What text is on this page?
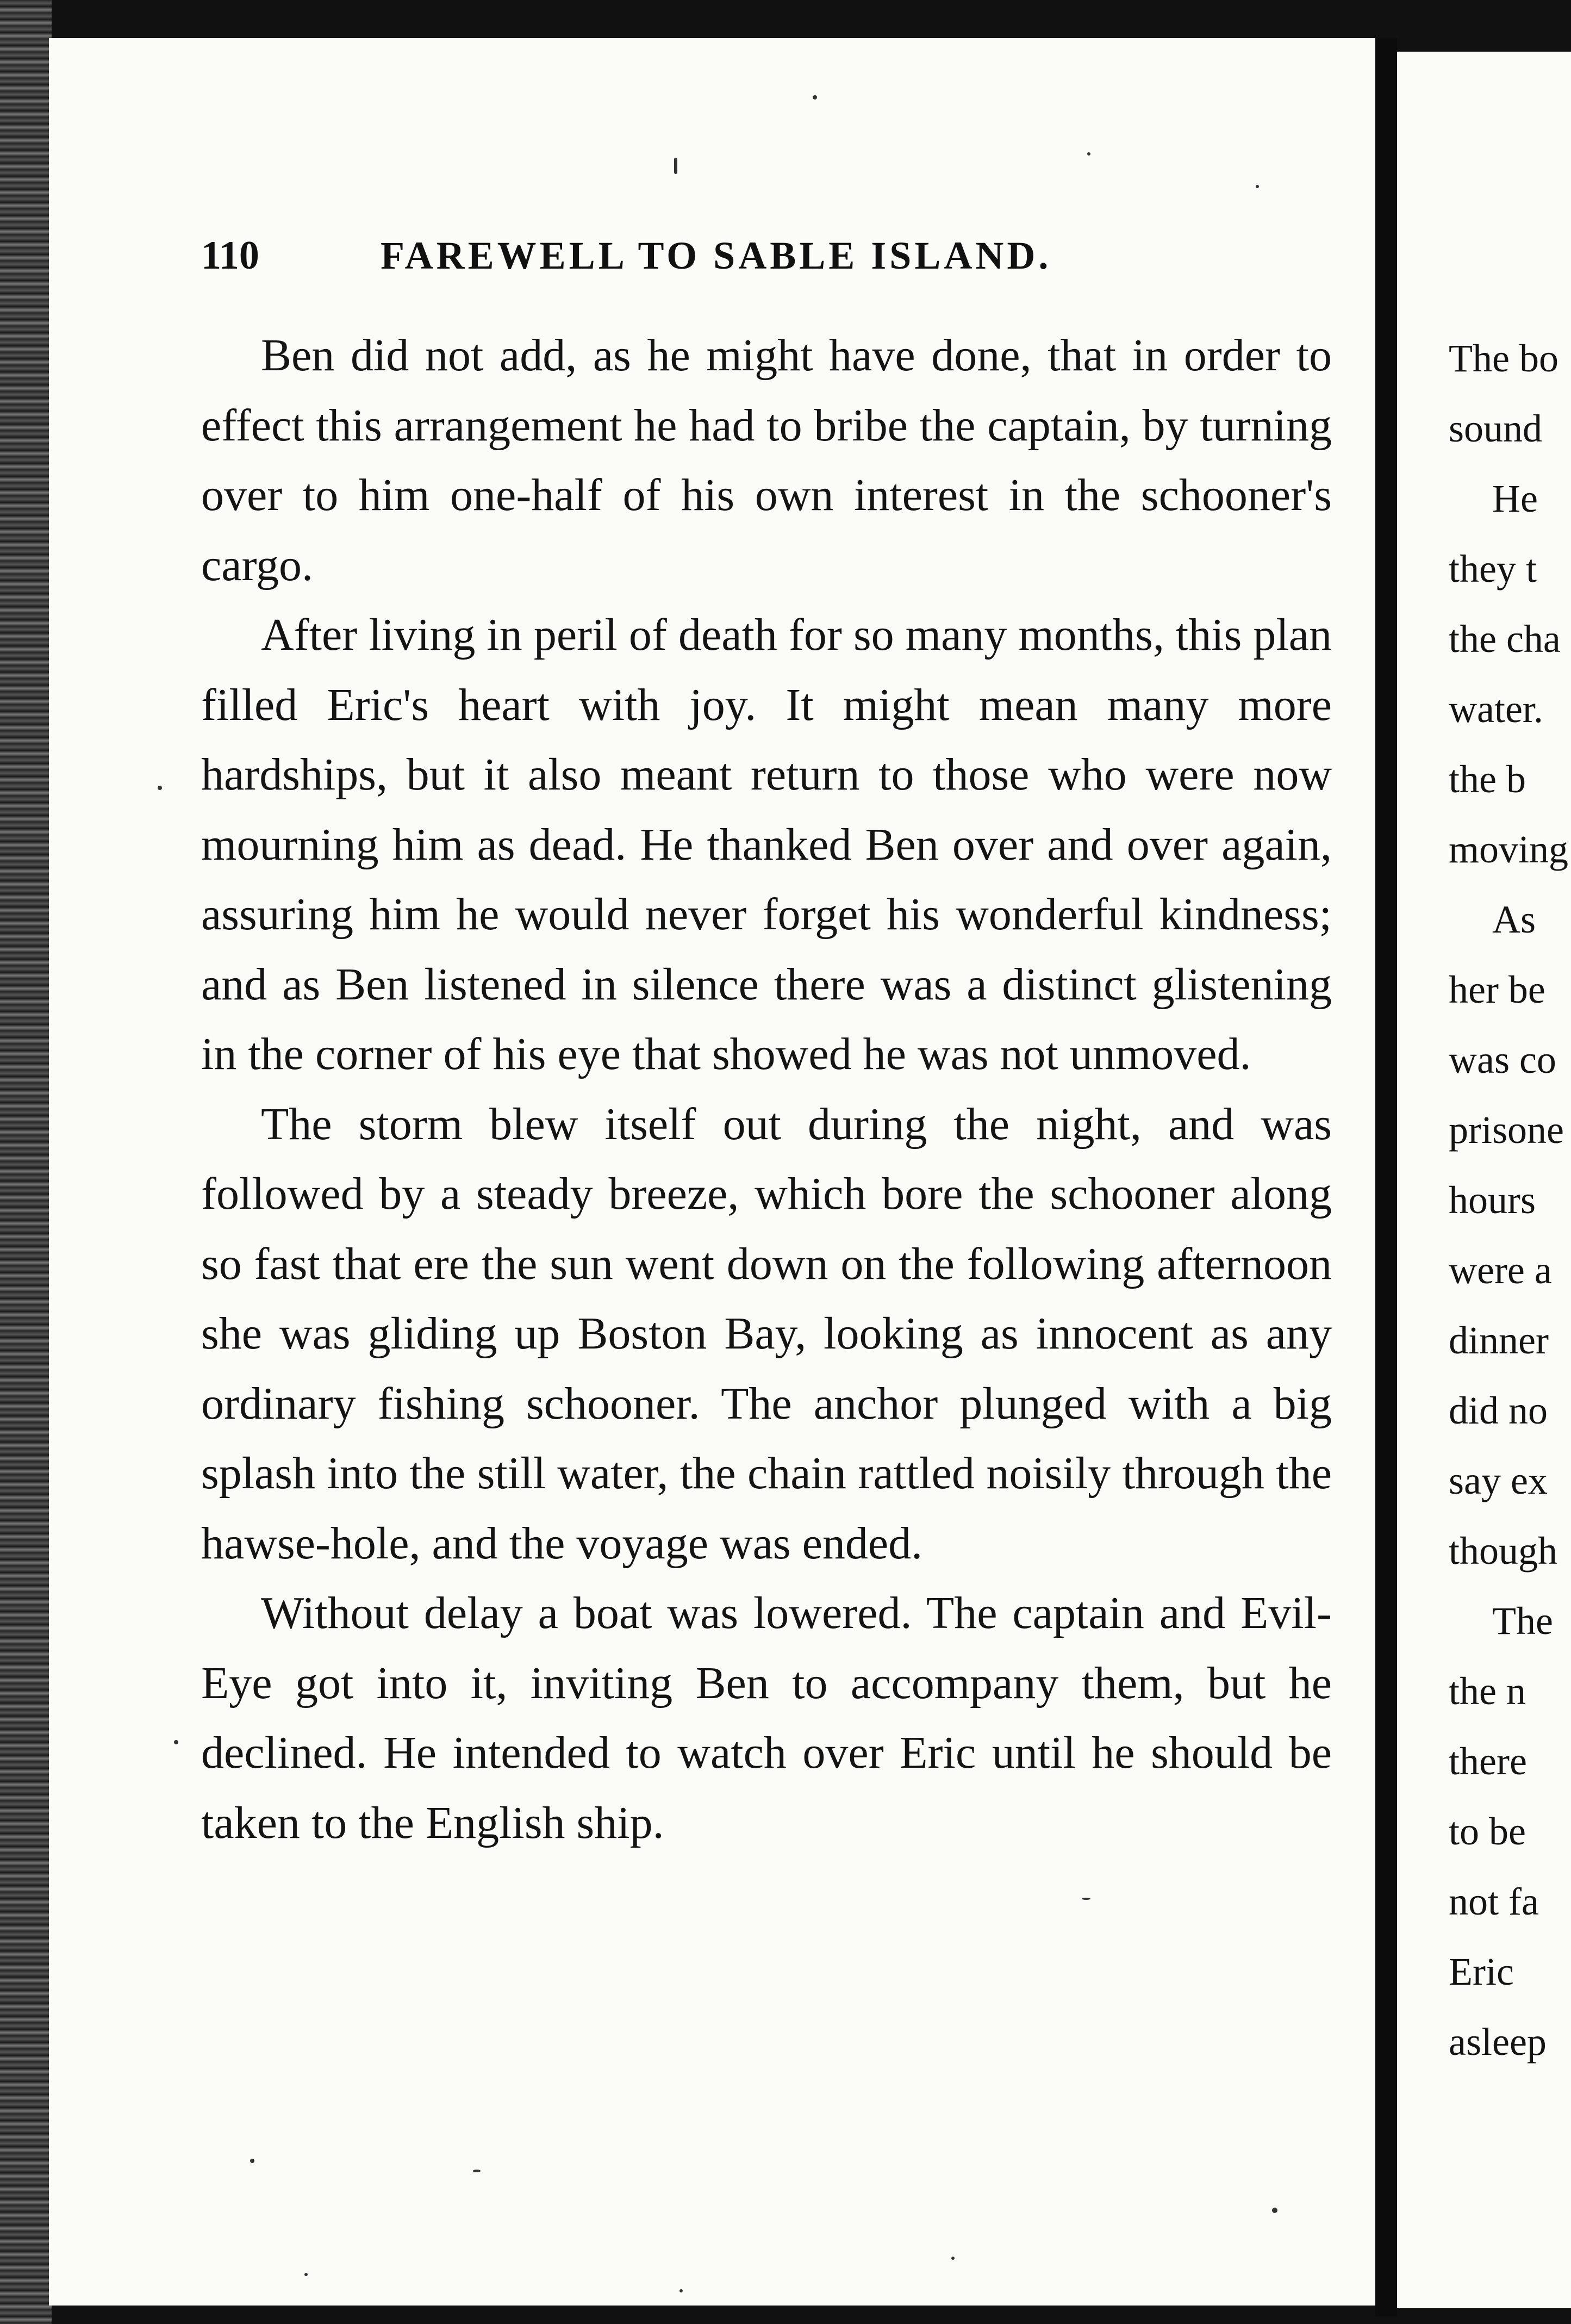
110	FAREWELL TO SABLE ISLAND.

Ben did not add, as he might have done, that in order to effect this arrangement he had to bribe the captain, by turning over to him one-half of his own interest in the schooner's cargo.

After living in peril of death for so many months, this plan filled Eric's heart with joy. It might mean many more hardships, but it also meant return to those who were now mourning him as dead. He thanked Ben over and over again, assuring him he would never forget his wonderful kindness; and as Ben listened in silence there was a distinct glistening in the corner of his eye that showed he was not unmoved.

The storm blew itself out during the night, and was followed by a steady breeze, which bore the schooner along so fast that ere the sun went down on the following afternoon she was gliding up Boston Bay, looking as innocent as any ordinary fishing schooner. The anchor plunged with a big splash into the still water, the chain rattled noisily through the hawse-hole, and the voyage was ended.

Without delay a boat was lowered. The captain and Evil-Eye got into it, inviting Ben to accompany them, but he declined. He intended to watch over Eric until he should be taken to the English ship.

The bo
sound
He
they t
the cha
water.
the b
moving
As
her be
was co
prisone
hours
were a
dinner
did no
say ex
though
The
the n
there
to be
not fa
Eric
asleep
